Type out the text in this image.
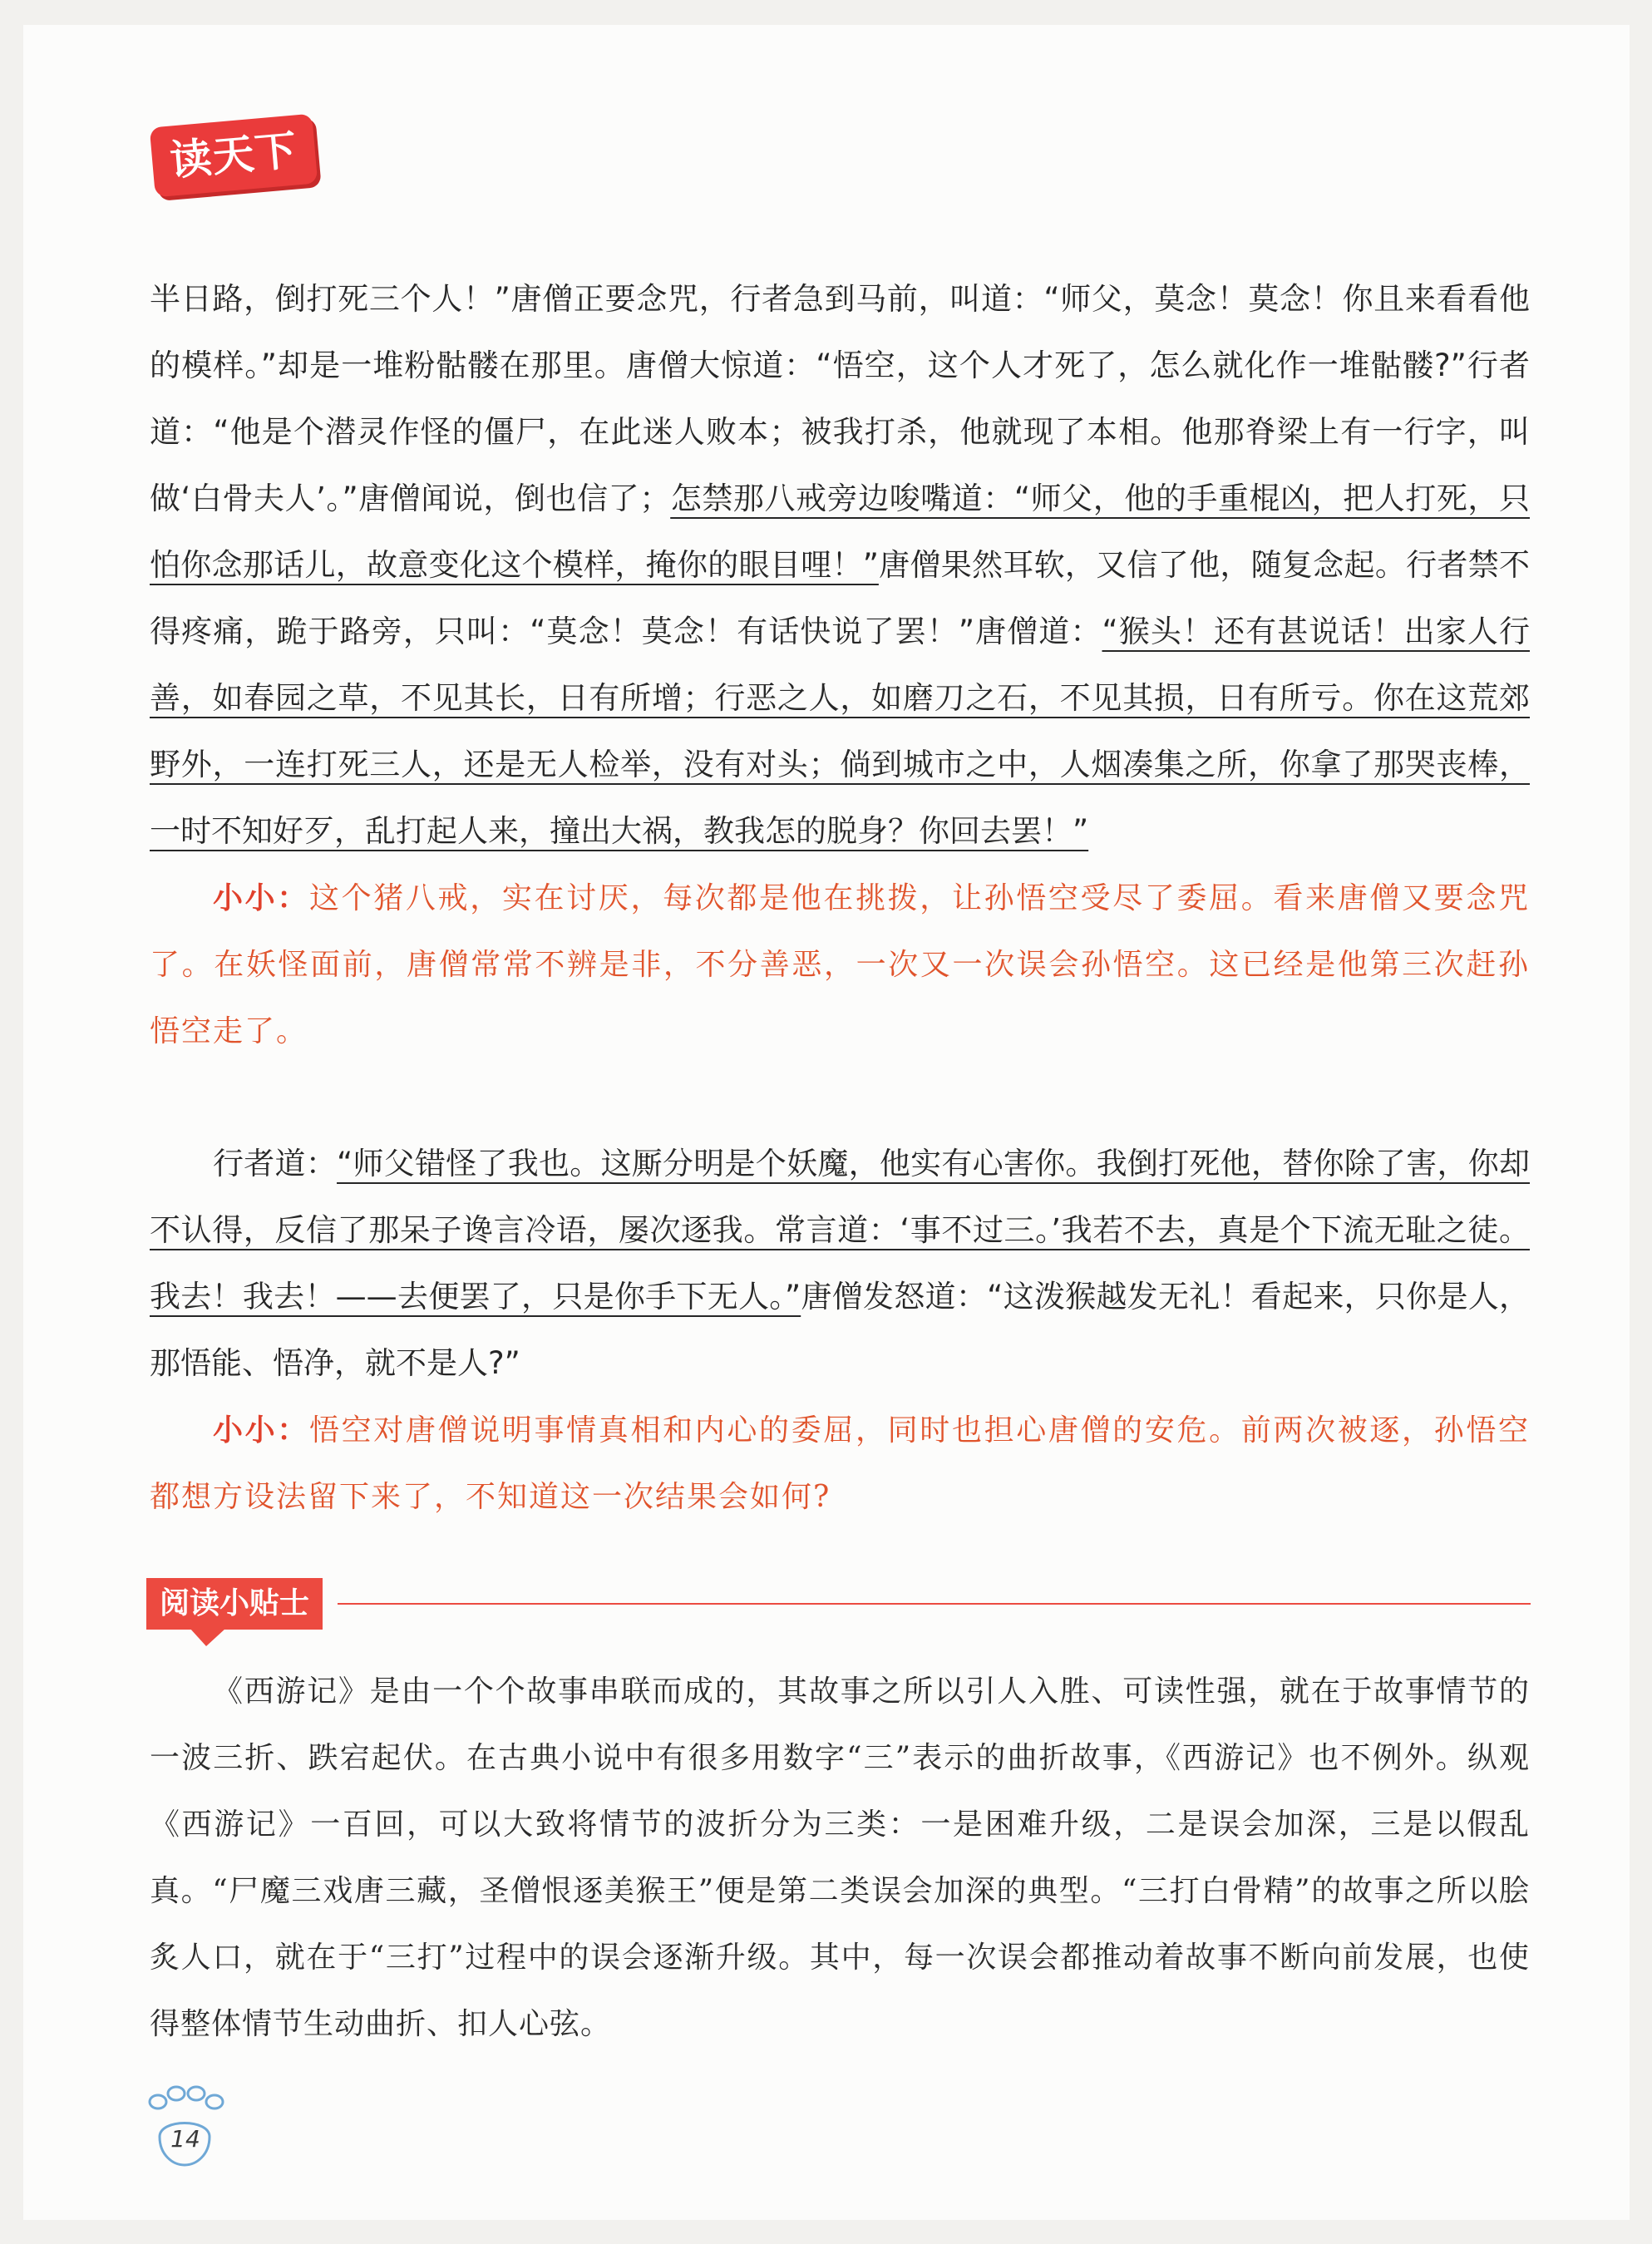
读天下

半日路，倒打死三个人！”唐僧正要念咒，行者急到马前，叫道：“师父，莫念！莫念！你且来看看他的模样。”却是一堆粉骷髅在那里。唐僧大惊道：“悟空，这个人才死了，怎么就化作一堆骷髅?”行者道：“他是个潜灵作怪的僵尸，在此迷人败本；被我打杀，他就现了本相。他那脊梁上有一行字，叫做‘白骨夫人’。”唐僧闻说，倒也信了；怎禁那八戒旁边唆嘴道：“师父，他的手重棍凶，把人打死，只怕你念那话儿，故意变化这个模样，掩你的眼目哩！”唐僧果然耳软，又信了他，随复念起。行者禁不得疼痛，跪于路旁，只叫：“莫念！莫念！有话快说了罢！”唐僧道：“猴头！还有甚说话！出家人行善，如春园之草，不见其长，日有所增；行恶之人，如磨刀之石，不见其损，日有所亏。你在这荒郊野外，一连打死三人，还是无人检举，没有对头；倘到城市之中，人烟凑集之所，你拿了那哭丧棒，一时不知好歹，乱打起人来，撞出大祸，教我怎的脱身？你回去罢！”

小小：这个猪八戒，实在讨厌，每次都是他在挑拨，让孙悟空受尽了委屈。看来唐僧又要念咒了。在妖怪面前，唐僧常常不辨是非，不分善恶，一次又一次误会孙悟空。这已经是他第三次赶孙悟空走了。

行者道：“师父错怪了我也。这厮分明是个妖魔，他实有心害你。我倒打死他，替你除了害，你却不认得，反信了那呆子谗言冷语，屡次逐我。常言道：‘事不过三。’我若不去，真是个下流无耻之徒。我去！我去！——去便罢了，只是你手下无人。”唐僧发怒道：“这泼猴越发无礼！看起来，只你是人，那悟能、悟净，就不是人?”

小小：悟空对唐僧说明事情真相和内心的委屈，同时也担心唐僧的安危。前两次被逐，孙悟空都想方设法留下来了，不知道这一次结果会如何?

阅读小贴士

《西游记》是由一个个故事串联而成的，其故事之所以引人入胜、可读性强，就在于故事情节的一波三折、跌宕起伏。在古典小说中有很多用数字“三”表示的曲折故事，《西游记》也不例外。纵观《西游记》一百回，可以大致将情节的波折分为三类：一是困难升级，二是误会加深，三是以假乱真。“尸魔三戏唐三藏，圣僧恨逐美猴王”便是第二类误会加深的典型。“三打白骨精”的故事之所以脍炙人口，就在于“三打”过程中的误会逐渐升级。其中，每一次误会都推动着故事不断向前发展，也使得整体情节生动曲折、扣人心弦。

14
